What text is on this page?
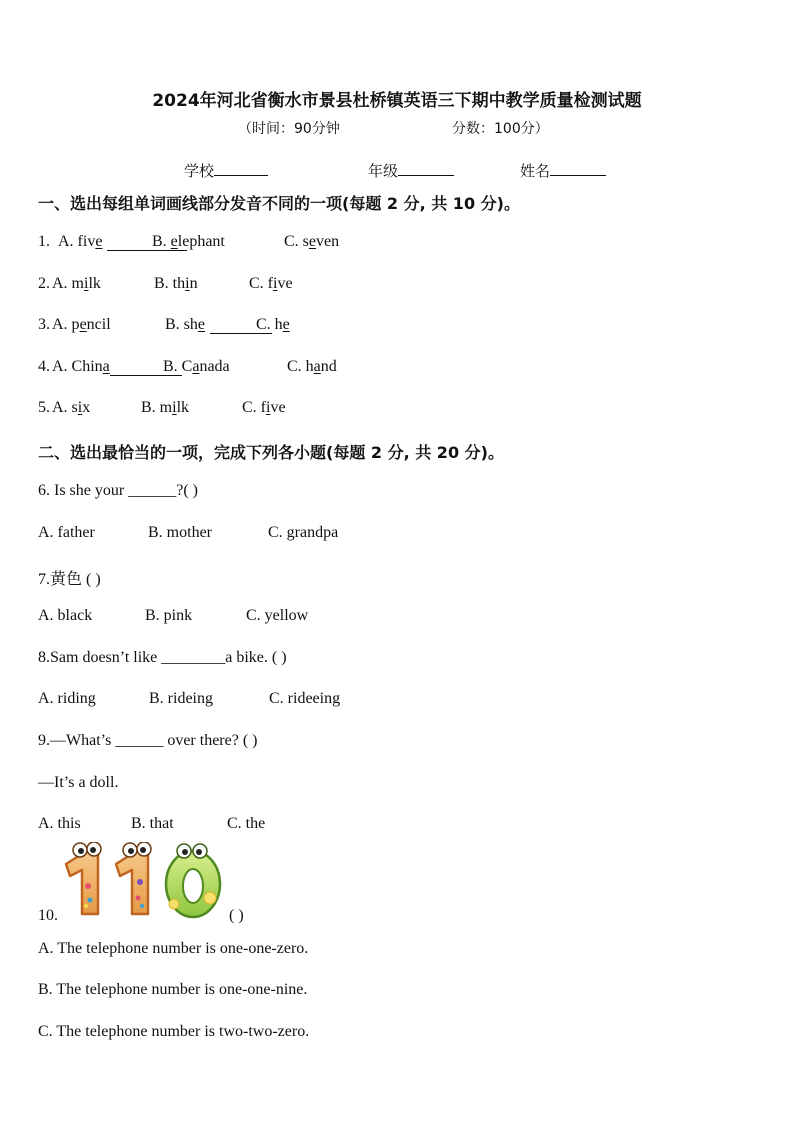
2024年河北省衡水市景县杜桥镇英语三下期中教学质量检测试题
（时间：90分钟	分数：100分）
学校	年级	姓名
一、选出每组单词画线部分发音不同的一项(每题 2 分, 共 10 分)。
1. A. five	B. elephant	C. seven
2. A. milk	B. thin	C. five
3. A. pencil	B. she	C. he
4. A. China	B. Canada	C. hand
5. A. six	B. milk	C. five
二、选出最恰当的一项，完成下列各小题(每题 2 分, 共 20 分)。
6. Is she your ______?( )
A. father	B. mother	C. grandpa
7.黄色 ( )
A. black	B. pink	C. yellow
8.Sam doesn’t like ________a bike. ( )
A. riding	B. rideing	C. rideeing
9.—What’s ______ over there? ( )
—It’s a doll.
A. this	B. that	C. the
10.	( )
A. The telephone number is one-one-zero.
B. The telephone number is one-one-nine.
C. The telephone number is two-two-zero.
